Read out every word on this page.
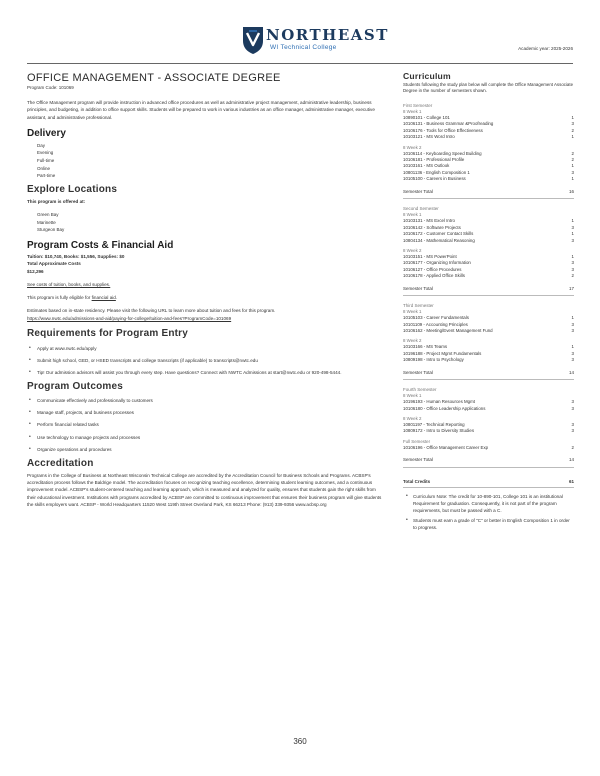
NORTHEAST
WI Technical College	Academic year: 2025-2026
OFFICE MANAGEMENT - ASSOCIATE DEGREE
Program Code: 101069

The Office Management program will provide instruction in advanced office procedures as well as administrative project management, administrative leadership, business principles, and budgeting, in addition to office support skills. Students will be prepared to work in various industries as an office manager, administrative manager, executive assistant, and administrative professional.

Delivery
Day
Evening
Full-time
Online
Part-time
Explore Locations
This program is offered at:
Green Bay
Marinette
Sturgeon Bay
Program Costs & Financial Aid
Tuition: $10,740, Books: $1,556, Supplies: $0
Total Approximate Costs
$12,296
See costs of tuition, books, and supplies.
This program is fully eligible for financial aid.
Estimates based on in-state residency. Please visit the following URL to learn more about tuition and fees for this program.
https://www.nwtc.edu/admissions-and-aid/paying-for-college/tuition-and-fees?ProgramCode=101069
Requirements for Program Entry
• Apply at www.nwtc.edu/apply
• Submit high school, GED, or HSED transcripts and college transcripts (if applicable) to transcripts@nwtc.edu
• Tip! Our admission advisors will assist you through every step. Have questions? Connect with NWTC Admissions at start@nwtc.edu or 920-498-5444.
Program Outcomes
• Communicate effectively and professionally to customers
• Manage staff, projects, and business processes
• Perform financial related tasks
• Use technology to manage projects and processes
• Organize operations and procedures
Accreditation

Programs in the College of Business at Northeast Wisconsin Technical College are accredited by the Accreditation Council for Business Schools and Programs. ACBSP's accreditation process follows the Baldrige model. The accreditation focuses on recognizing teaching excellence, determining student learning outcomes, and a continuous improvement model. ACBSP's student-centered teaching and learning approach, which is measured and analyzed for quality, ensures that students gain the right skills from their educational investment. Institutions with programs accredited by ACBSP are committed to continuous improvement that ensures their business program will give students the skills employers want. ACBSP - World Headquarters 11520 West 119th Street Overland Park, KS 66213 Phone: (913) 339-9356 www.acbsp.org

Curriculum

Students following the study plan below will complete the Office Management Associate Degree in the number of semesters shown.

First Semester
8 Week 1
10890101 - College 101	1
10106131 - Business Grammar &Proofreading	3
10106176 - Tools for Office Effectiveness	2
10103121 - MS Word Intro	1
8 Week 2
10106114 - Keyboarding Speed Building	2
10106181 - Professional Profile	2
10103161 - MS Outlook	1
10801136 - English Composition 1	3
10105100 - Careers in Business	1
Semester Total	16
Second Semester
8 Week 1
10103131 - MS Excel Intro	1
10106142 - Software Projects	3
10106172 - Customer Contact Skills	1
10804134 - Mathematical Reasoning	3
8 Week 2
10103151 - MS PowerPoint	1
10106177 - Organizing Information	3
10106127 - Office Procedures	3
10106178 - Applied Office Skills	2
Semester Total	17
Third Semester
8 Week 1
10105103 - Career Fundamentals	1
10101109 - Accounting Principles	3
10106162 - Meeting/Event Management Fund	3
8 Week 2
10103166 - MS Teams	1
10196188 - Project Mgmt Fundamentals	3
10809198 - Intro to Psychology	3
Semester Total	14
Fourth Semester
8 Week 1
10196193 - Human Resources Mgmt	3
10106180 - Office Leadership Applications	3
8 Week 2
10801197 - Technical Reporting	3
10809172 - Intro to Diversity Studies	3
Full Semester
10106196 - Office Management Career Exp	2
Semester Total	14
Total Credits	61
• Curriculum Note: The credit for 10-890-101, College 101 is an institutional Requirement for graduation. Consequently, it is not part of the program requirements, but must be passed with a C.
• Students must earn a grade of "C" or better in English Composition 1 in order to progress.
360
